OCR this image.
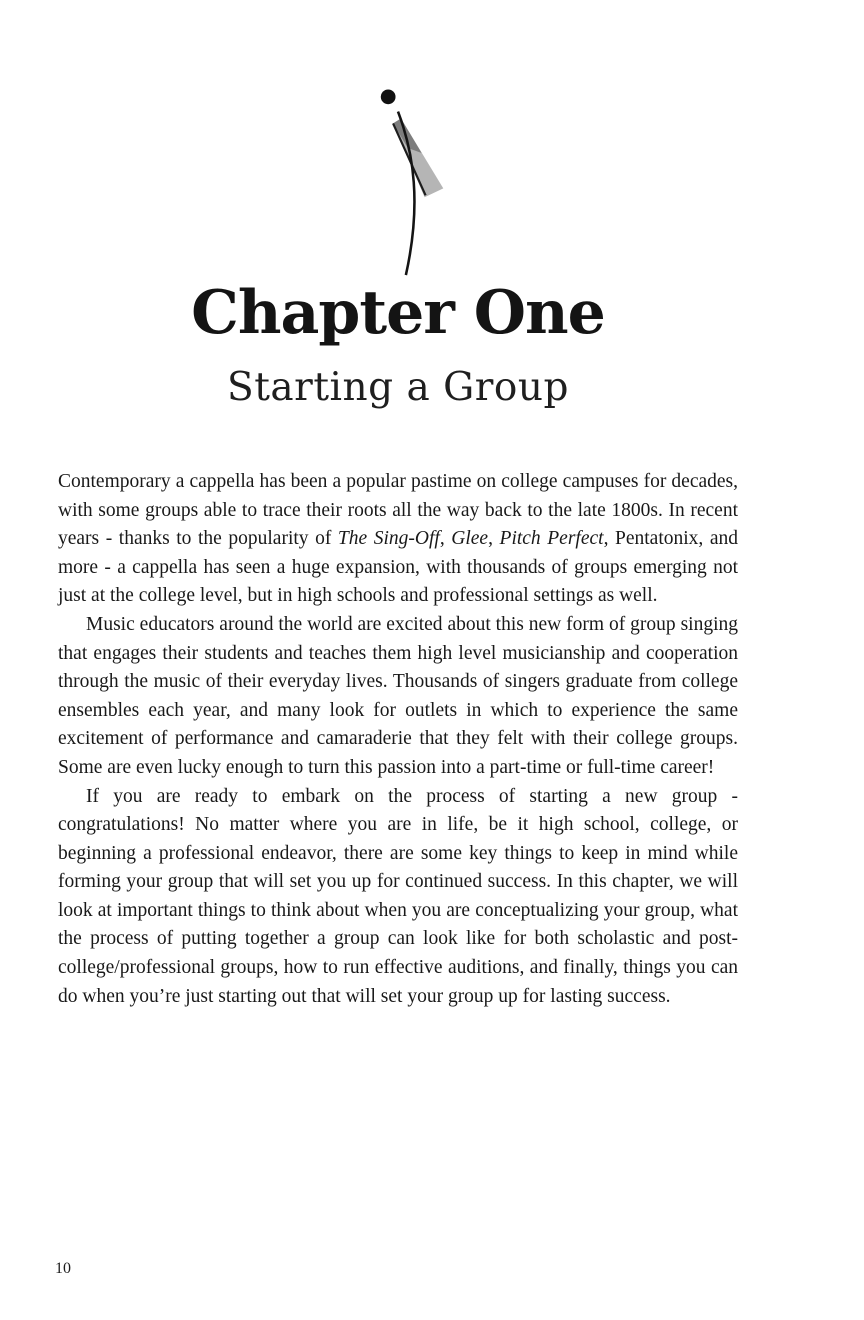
Chapter One
Starting a Group

Contemporary a cappella has been a popular pastime on college campuses for decades, with some groups able to trace their roots all the way back to the late 1800s. In recent years - thanks to the popularity of The Sing-Off, Glee, Pitch Perfect, Pentatonix, and more - a cappella has seen a huge expansion, with thousands of groups emerging not just at the college level, but in high schools and professional settings as well.

Music educators around the world are excited about this new form of group singing that engages their students and teaches them high level musicianship and cooperation through the music of their everyday lives. Thousands of singers graduate from college ensembles each year, and many look for outlets in which to experience the same excitement of performance and camaraderie that they felt with their college groups. Some are even lucky enough to turn this passion into a part-time or full-time career!

If you are ready to embark on the process of starting a new group - congratulations! No matter where you are in life, be it high school, college, or beginning a professional endeavor, there are some key things to keep in mind while forming your group that will set you up for continued success. In this chapter, we will look at important things to think about when you are conceptualizing your group, what the process of putting together a group can look like for both scholastic and post-college/professional groups, how to run effective auditions, and finally, things you can do when you’re just starting out that will set your group up for lasting success.

10
